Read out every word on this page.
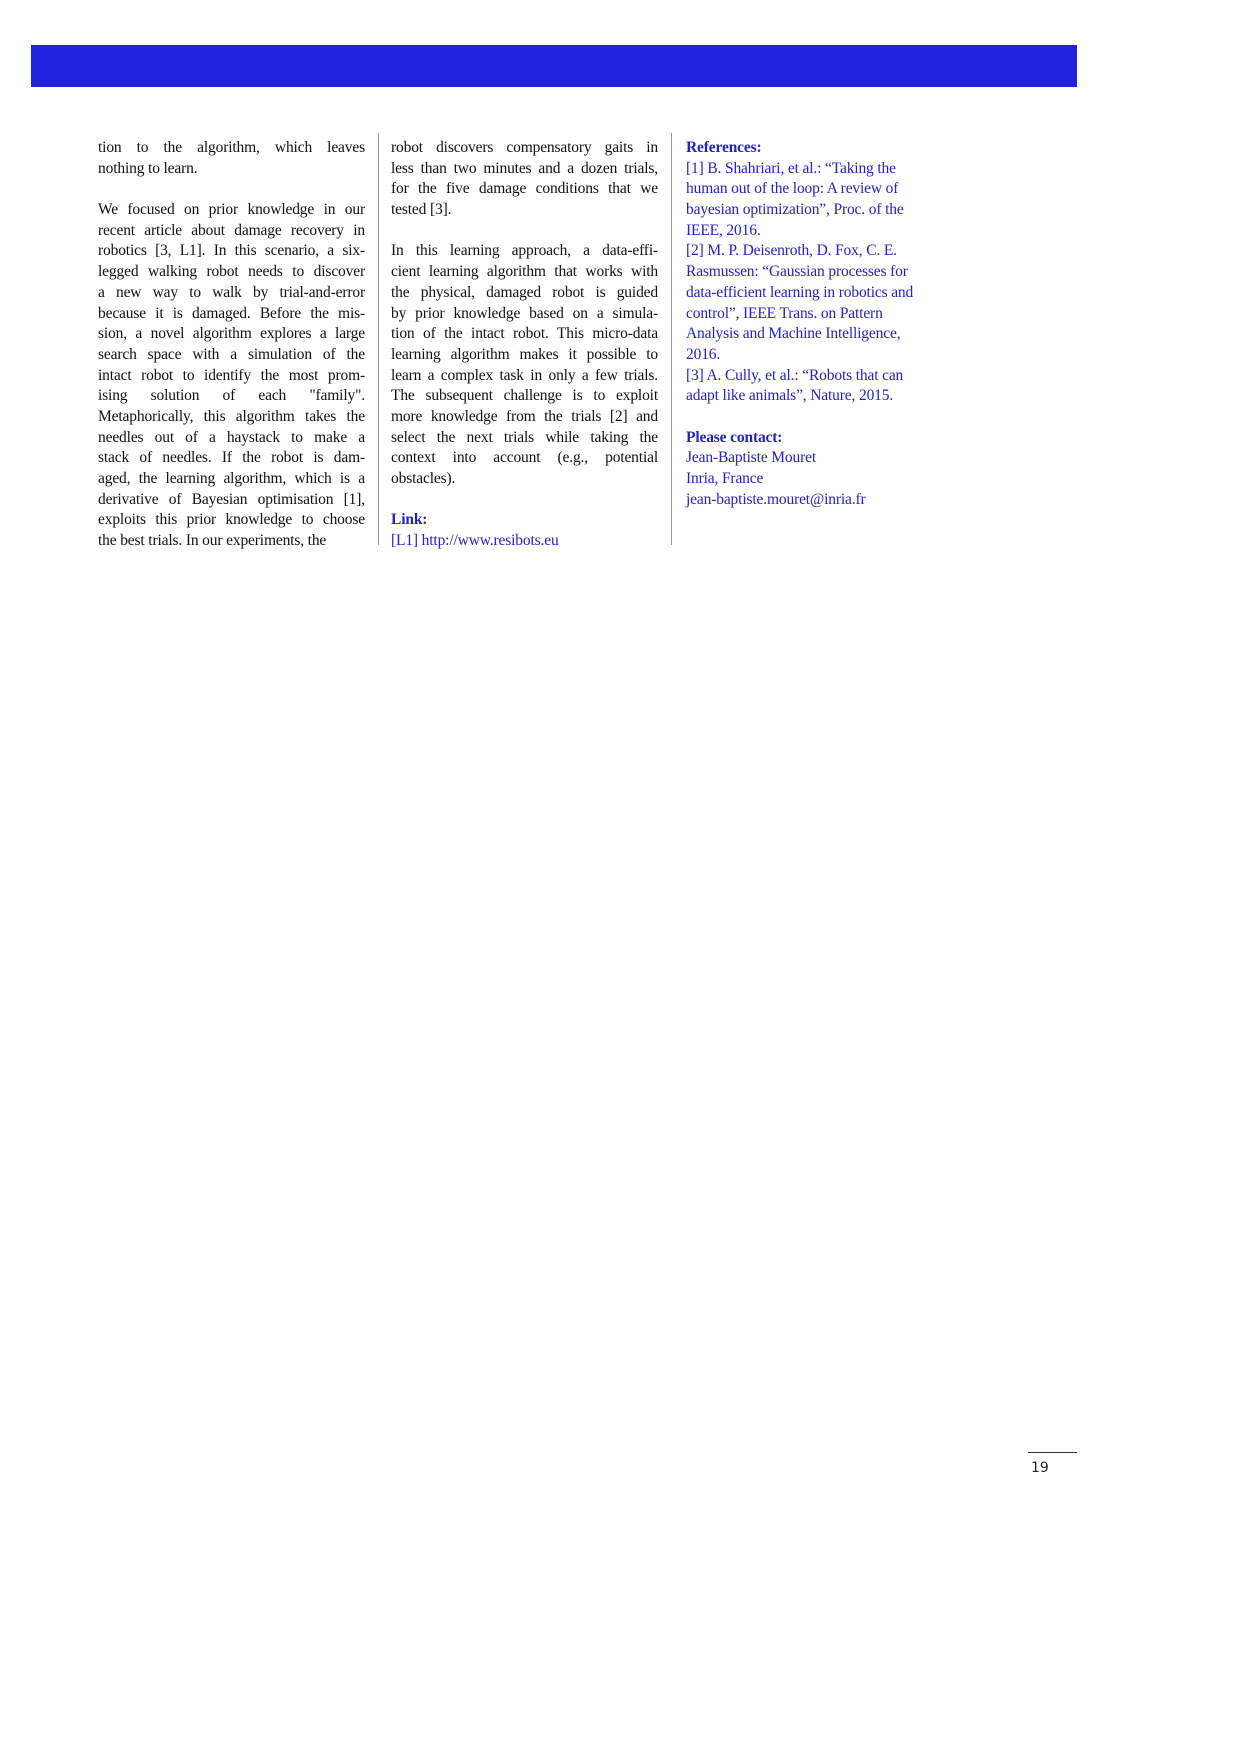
tion to the algorithm, which leaves
nothing to learn.
We focused on prior knowledge in our
recent article about damage recovery in
robotics [3, L1]. In this scenario, a six-
legged walking robot needs to discover
a new way to walk by trial-and-error
because it is damaged. Before the mis-
sion, a novel algorithm explores a large
search space with a simulation of the
intact robot to identify the most prom-
ising solution of each "family".
Metaphorically, this algorithm takes the
needles out of a haystack to make a
stack of needles. If the robot is dam-
aged, the learning algorithm, which is a
derivative of Bayesian optimisation [1],
exploits this prior knowledge to choose
the best trials. In our experiments, the
robot discovers compensatory gaits in
less than two minutes and a dozen trials,
for the five damage conditions that we
tested [3].
In this learning approach, a data-effi-
cient learning algorithm that works with
the physical, damaged robot is guided
by prior knowledge based on a simula-
tion of the intact robot. This micro-data
learning algorithm makes it possible to
learn a complex task in only a few trials.
The subsequent challenge is to exploit
more knowledge from the trials [2] and
select the next trials while taking the
context into account (e.g., potential
obstacles).
Link:
[L1] http://www.resibots.eu
References:
[1] B. Shahriari, et al.: “Taking the
human out of the loop: A review of
bayesian optimization”, Proc. of the
IEEE, 2016.
[2] M. P. Deisenroth, D. Fox, C. E.
Rasmussen: “Gaussian processes for
data-efficient learning in robotics and
control”, IEEE Trans. on Pattern
Analysis and Machine Intelligence,
2016.
[3] A. Cully, et al.: “Robots that can
adapt like animals”, Nature, 2015.
Please contact:
Jean-Baptiste Mouret
Inria, France
jean-baptiste.mouret@inria.fr
19
